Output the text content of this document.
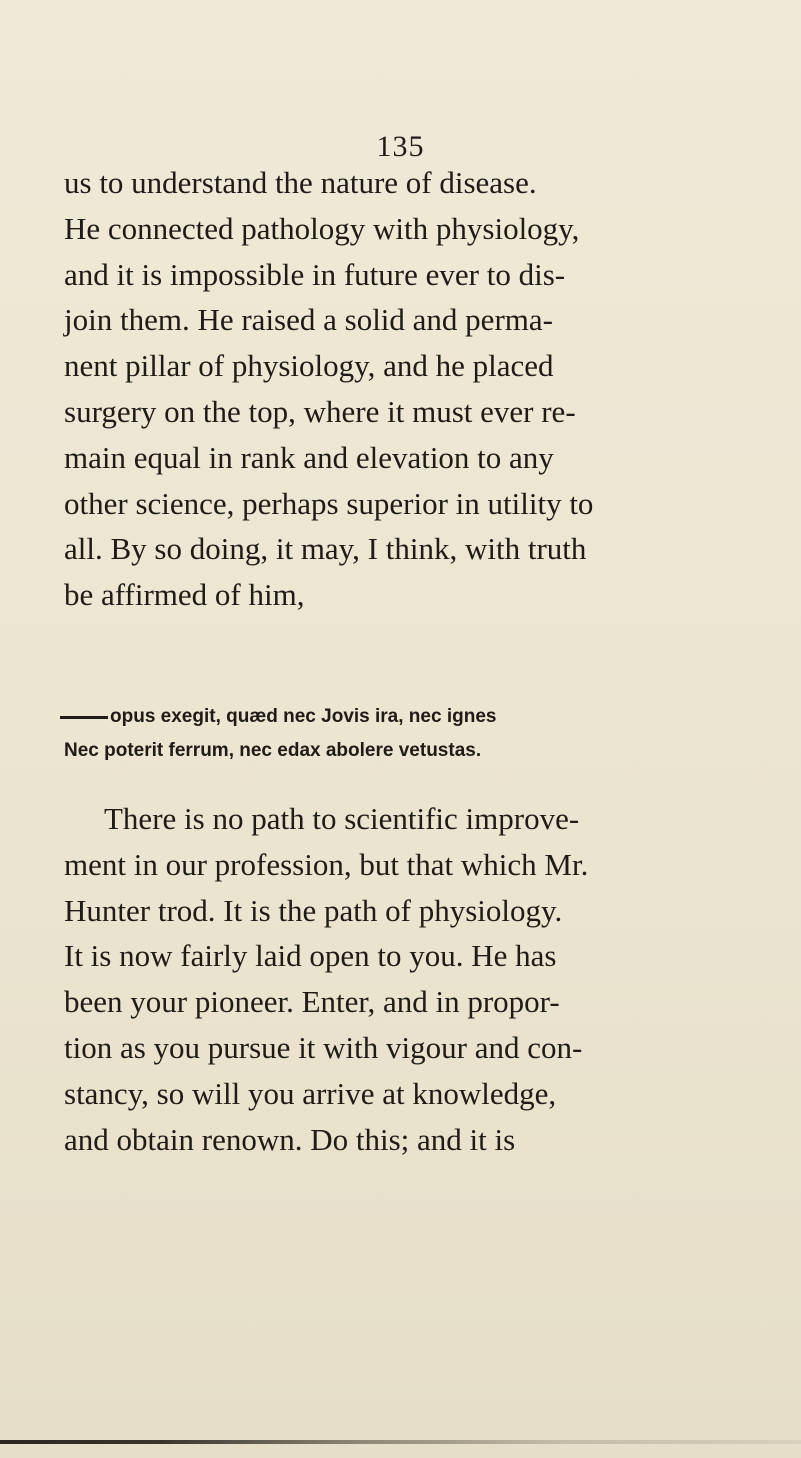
135
us to understand the nature of disease.
He connected pathology with physiology,
and it is impossible in future ever to dis-
join them. He raised a solid and perma-
nent pillar of physiology, and he placed
surgery on the top, where it must ever re-
main equal in rank and elevation to any
other science, perhaps superior in utility to
all. By so doing, it may, I think, with truth
be affirmed of him,
opus exegit, quæd nec Jovis ira, nec ignes
Nec poterit ferrum, nec edax abolere vetustas.
There is no path to scientific improve-
ment in our profession, but that which Mr.
Hunter trod. It is the path of physiology.
It is now fairly laid open to you. He has
been your pioneer. Enter, and in propor-
tion as you pursue it with vigour and con-
stancy, so will you arrive at knowledge,
and obtain renown. Do this; and it is
